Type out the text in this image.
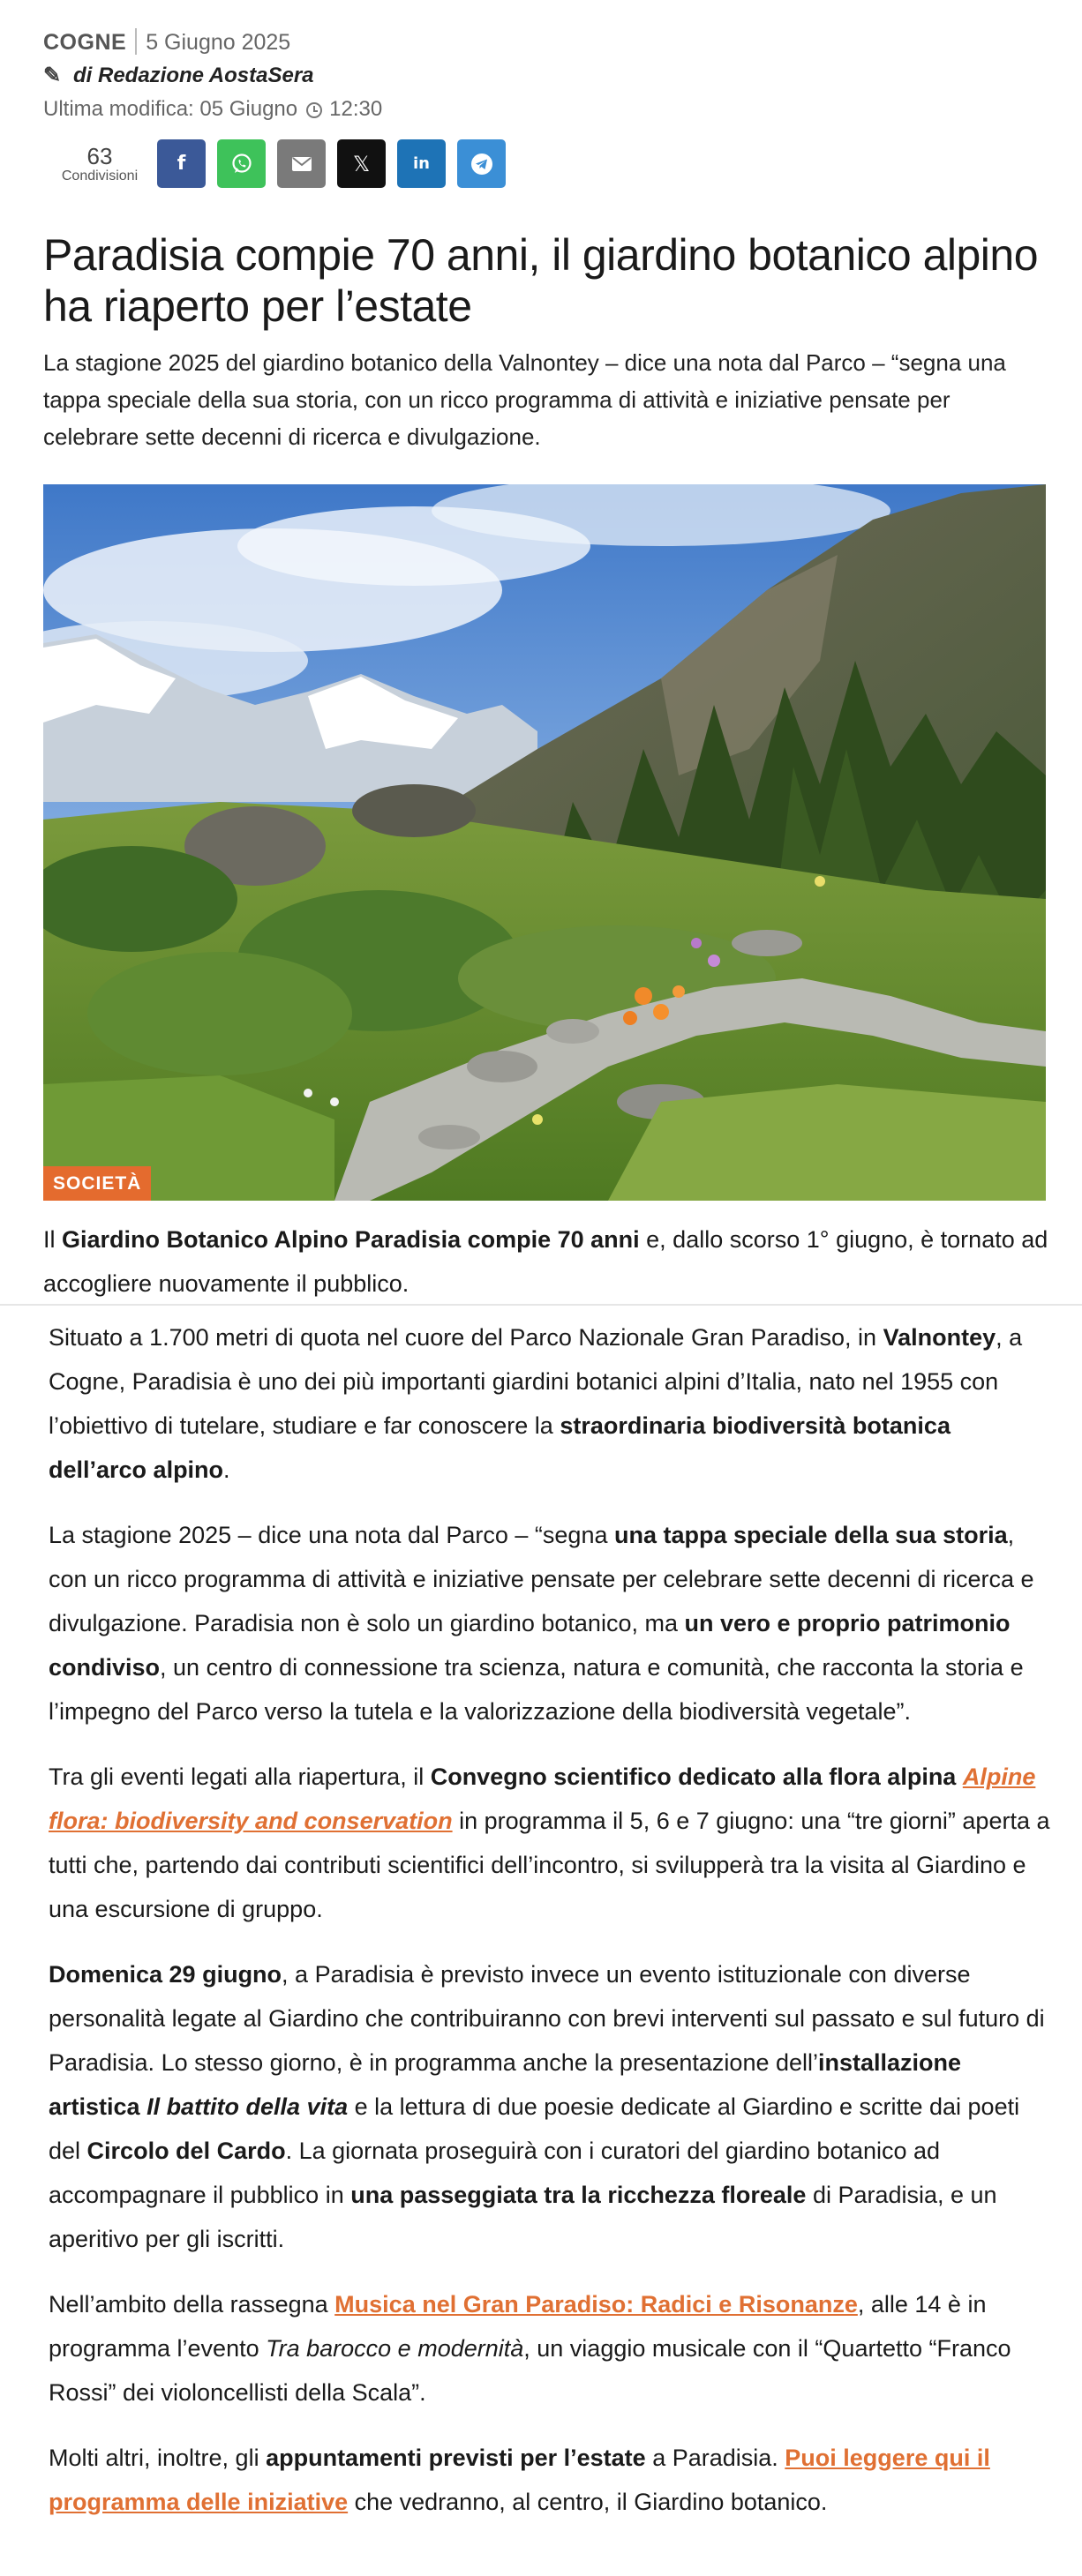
COGNE 5 Giugno 2025
✎ di Redazione AostaSera
Ultima modifica: 05 Giugno 12:30
63
Condivisioni
f	𝕏	in
Paradisia compie 70 anni, il giardino botanico alpino ha riaperto per l’estate

La stagione 2025 del giardino botanico della Valnontey – dice una nota dal Parco – “segna una tappa speciale della sua storia, con un ricco programma di attività e iniziative pensate per celebrare sette decenni di ricerca e divulgazione.

SOCIETÀ

Il Giardino Botanico Alpino Paradisia compie 70 anni e, dallo scorso 1° giugno, è tornato ad accogliere nuovamente il pubblico.

Situato a 1.700 metri di quota nel cuore del Parco Nazionale Gran Paradiso, in Valnontey, a Cogne, Paradisia è uno dei più importanti giardini botanici alpini d’Italia, nato nel 1955 con l’obiettivo di tutelare, studiare e far conoscere la straordinaria biodiversità botanica dell’arco alpino.

La stagione 2025 – dice una nota dal Parco – “segna una tappa speciale della sua storia, con un ricco programma di attività e iniziative pensate per celebrare sette decenni di ricerca e divulgazione. Paradisia non è solo un giardino botanico, ma un vero e proprio patrimonio condiviso, un centro di connessione tra scienza, natura e comunità, che racconta la storia e l’impegno del Parco verso la tutela e la valorizzazione della biodiversità vegetale”.

Tra gli eventi legati alla riapertura, il Convegno scientifico dedicato alla flora alpina Alpine flora: biodiversity and conservation in programma il 5, 6 e 7 giugno: una “tre giorni” aperta a tutti che, partendo dai contributi scientifici dell’incontro, si svilupperà tra la visita al Giardino e una escursione di gruppo.

Domenica 29 giugno, a Paradisia è previsto invece un evento istituzionale con diverse personalità legate al Giardino che contribuiranno con brevi interventi sul passato e sul futuro di Paradisia. Lo stesso giorno, è in programma anche la presentazione dell’installazione artistica Il battito della vita e la lettura di due poesie dedicate al Giardino e scritte dai poeti del Circolo del Cardo. La giornata proseguirà con i curatori del giardino botanico ad accompagnare il pubblico in una passeggiata tra la ricchezza floreale di Paradisia, e un aperitivo per gli iscritti.

Nell’ambito della rassegna Musica nel Gran Paradiso: Radici e Risonanze, alle 14 è in programma l’evento Tra barocco e modernità, un viaggio musicale con il “Quartetto “Franco Rossi” dei violoncellisti della Scala”.

Molti altri, inoltre, gli appuntamenti previsti per l’estate a Paradisia. Puoi leggere qui il programma delle iniziative che vedranno, al centro, il Giardino botanico.
